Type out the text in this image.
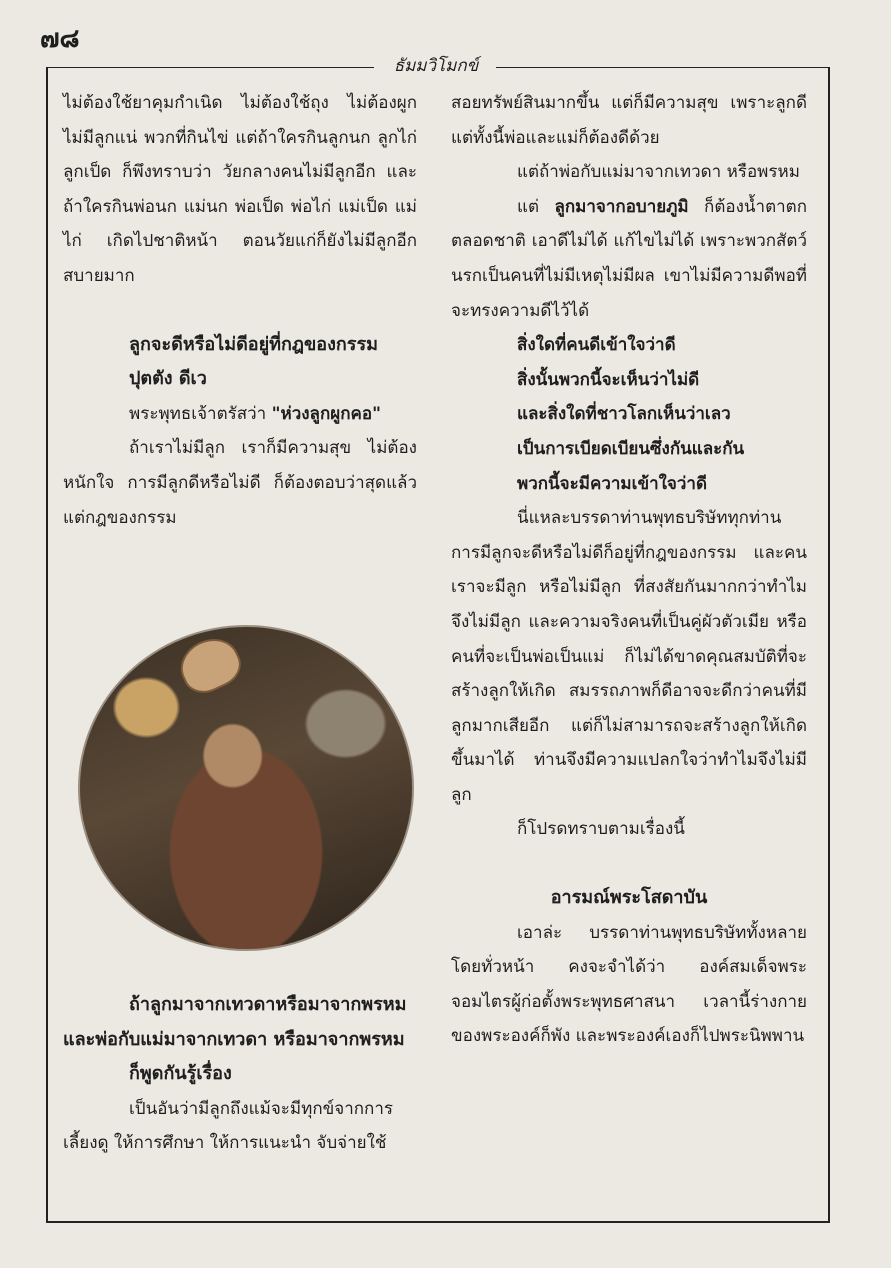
๗๘
ธัมมวิโมกข์

ไม่ต้องใช้ยาคุมกำเนิด ไม่ต้องใช้ถุง ไม่ต้องผูก ไม่มีลูกแน่ พวกที่กินไข่ แต่ถ้าใครกินลูกนก ลูกไก่ ลูกเป็ด ก็พึงทราบว่า วัยกลางคนไม่มีลูกอีก และถ้าใครกินพ่อนก แม่นก พ่อเป็ด พ่อไก่ แม่เป็ด แม่ไก่ เกิดไปชาติหน้า ตอนวัยแก่ก็ยังไม่มีลูกอีก สบายมาก

ลูกจะดีหรือไม่ดีอยู่ที่กฎของกรรม

ปุตตัง ดีเว

พระพุทธเจ้าตรัสว่า "ห่วงลูกผูกคอ"

ถ้าเราไม่มีลูก เราก็มีความสุข ไม่ต้องหนักใจ การมีลูกดีหรือไม่ดี ก็ต้องตอบว่าสุดแล้วแต่กฎของกรรม

ถ้าลูกมาจากเทวดาหรือมาจากพรหม

และพ่อกับแม่มาจากเทวดา หรือมาจากพรหม

ก็พูดกันรู้เรื่อง

เป็นอันว่ามีลูกถึงแม้จะมีทุกข์จากการเลี้ยงดู ให้การศึกษา ให้การแนะนำ จับจ่ายใช้

สอยทรัพย์สินมากขึ้น แต่ก็มีความสุข เพราะลูกดี แต่ทั้งนี้พ่อและแม่ก็ต้องดีด้วย

แต่ถ้าพ่อกับแม่มาจากเทวดา หรือพรหม

แต่ ลูกมาจากอบายภูมิ ก็ต้องน้ำตาตกตลอดชาติ เอาดีไม่ได้ แก้ไขไม่ได้ เพราะพวกสัตว์นรกเป็นคนที่ไม่มีเหตุไม่มีผล เขาไม่มีความดีพอที่จะทรงความดีไว้ได้

สิ่งใดที่คนดีเข้าใจว่าดี

สิ่งนั้นพวกนี้จะเห็นว่าไม่ดี

และสิ่งใดที่ชาวโลกเห็นว่าเลว

เป็นการเบียดเบียนซึ่งกันและกัน

พวกนี้จะมีความเข้าใจว่าดี

นี่แหละบรรดาท่านพุทธบริษัททุกท่าน การมีลูกจะดีหรือไม่ดีก็อยู่ที่กฎของกรรม และคนเราจะมีลูก หรือไม่มีลูก ที่สงสัยกันมากกว่าทำไมจึงไม่มีลูก และความจริงคนที่เป็นคู่ผัวตัวเมีย หรือคนที่จะเป็นพ่อเป็นแม่ ก็ไม่ได้ขาดคุณสมบัติที่จะสร้างลูกให้เกิด สมรรถภาพก็ดีอาจจะดีกว่าคนที่มีลูกมากเสียอีก แต่ก็ไม่สามารถจะสร้างลูกให้เกิดขึ้นมาได้ ท่านจึงมีความแปลกใจว่าทำไมจึงไม่มีลูก

ก็โปรดทราบตามเรื่องนี้

อารมณ์พระโสดาบัน

เอาล่ะ บรรดาท่านพุทธบริษัททั้งหลายโดยทั่วหน้า คงจะจำได้ว่า องค์สมเด็จพระจอมไตรผู้ก่อตั้งพระพุทธศาสนา เวลานี้ร่างกายของพระองค์ก็พัง และพระองค์เองก็ไปพระนิพพาน
